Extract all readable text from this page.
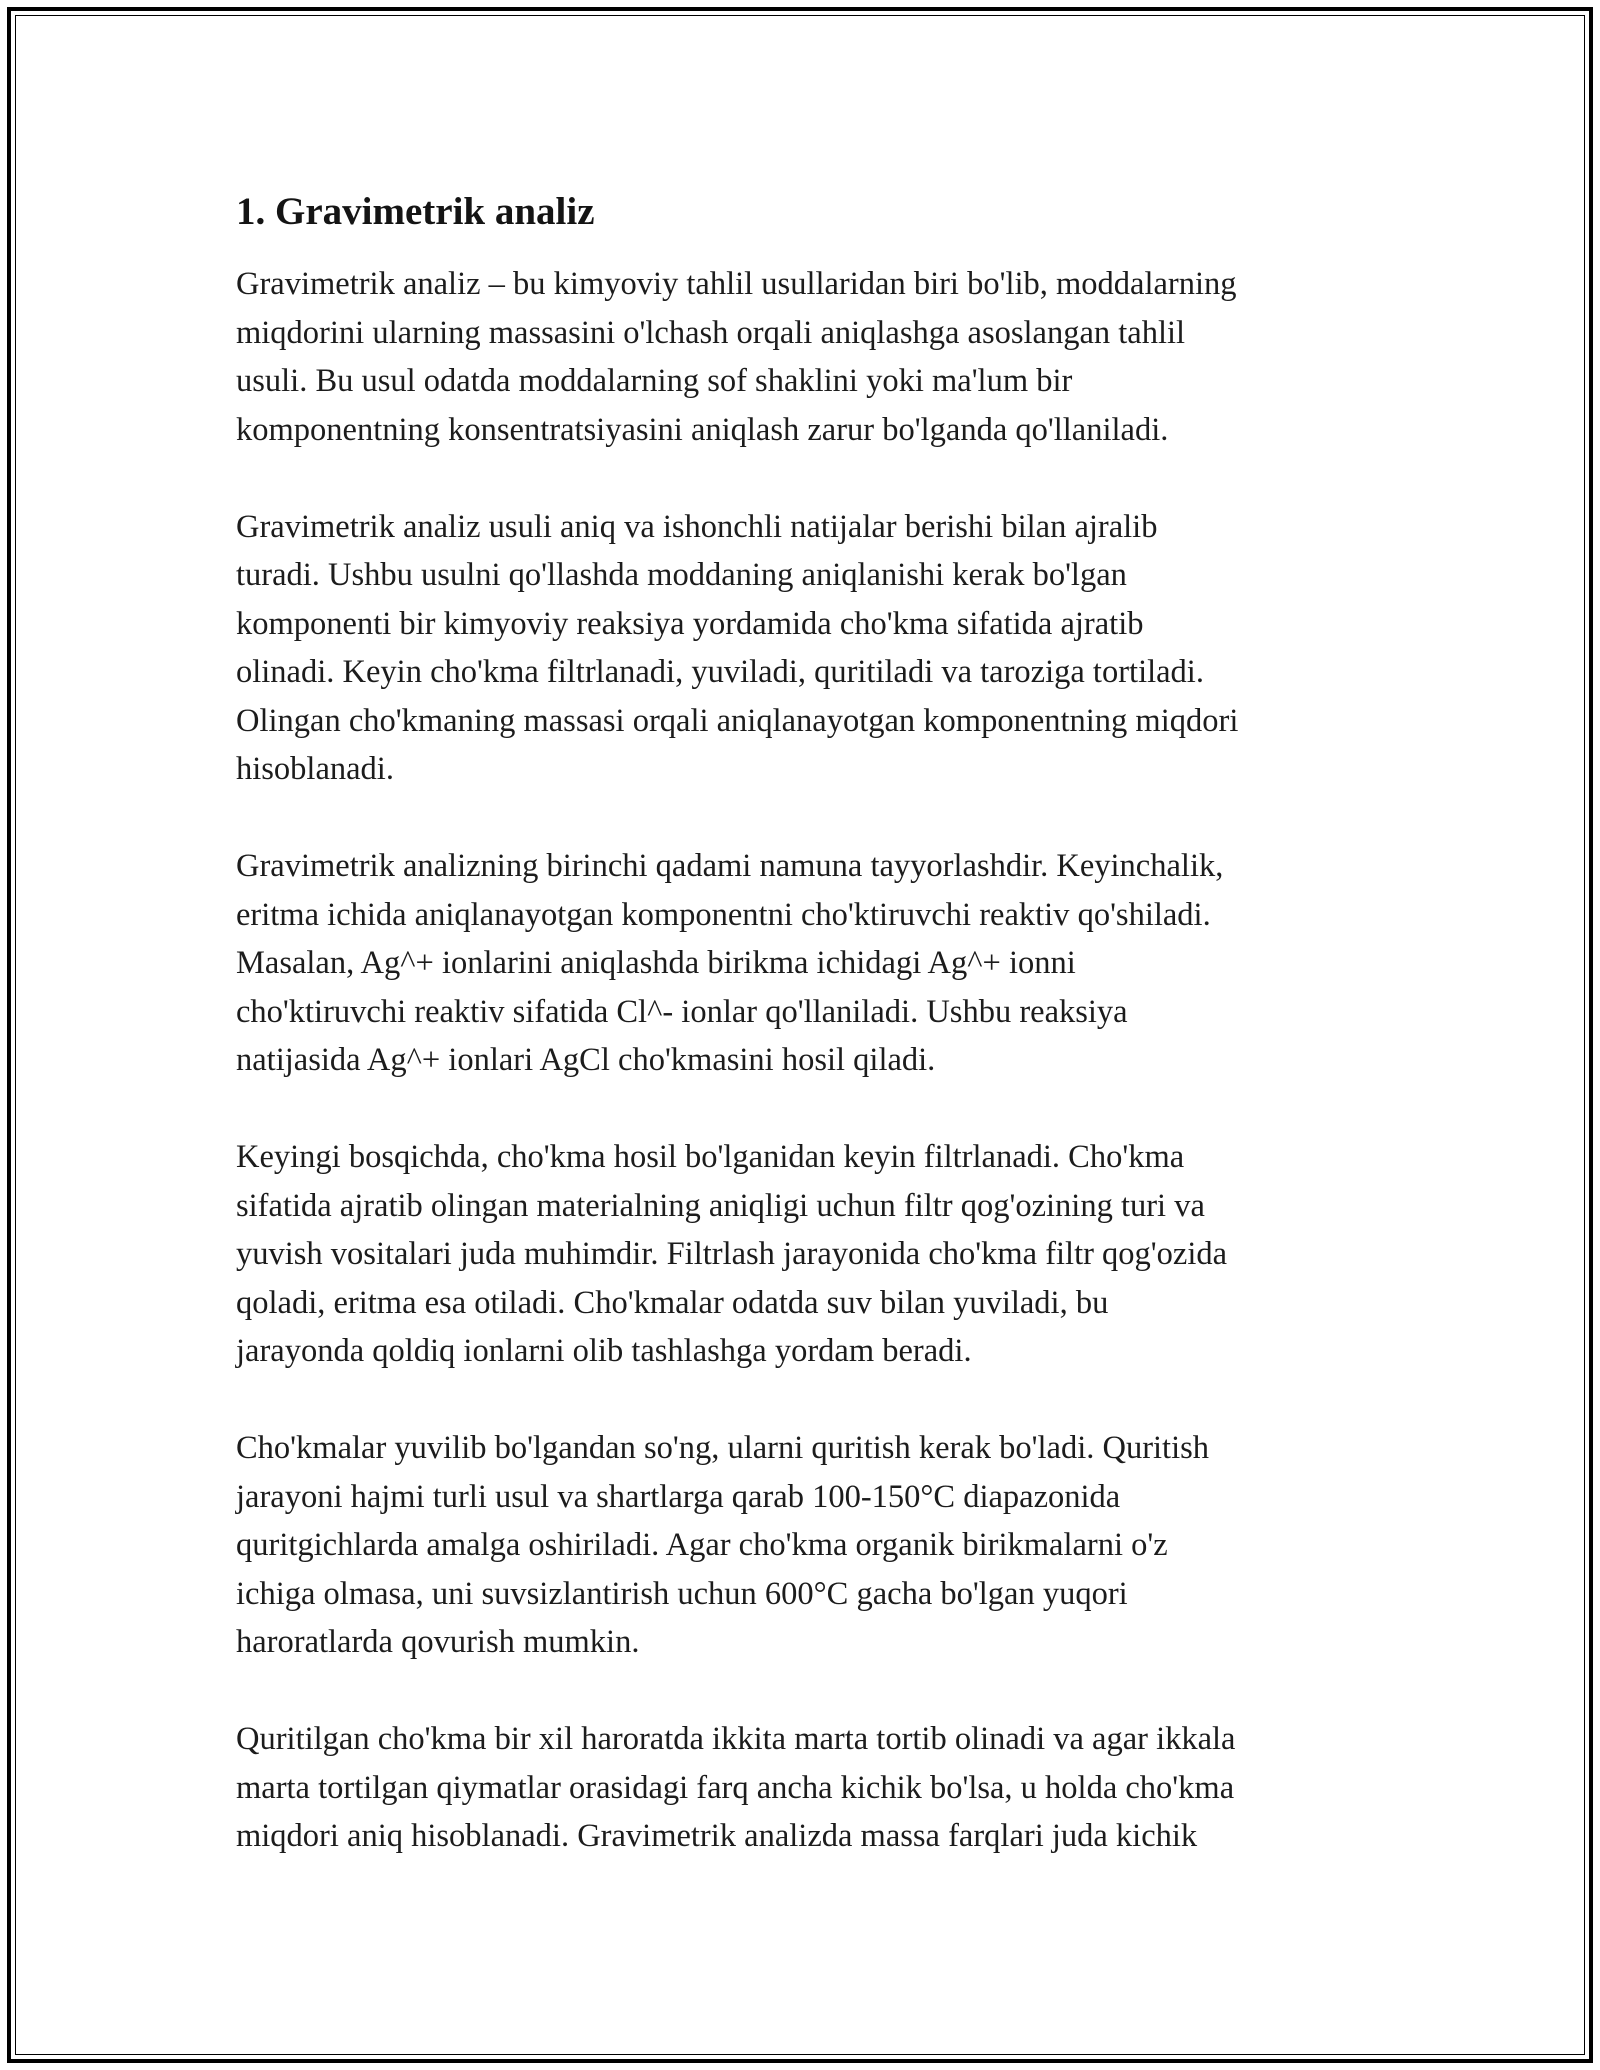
1. Gravimetrik analiz

Gravimetrik analiz – bu kimyoviy tahlil usullaridan biri bo'lib, moddalarning
miqdorini ularning massasini o'lchash orqali aniqlashga asoslangan tahlil
usuli. Bu usul odatda moddalarning sof shaklini yoki ma'lum bir
komponentning konsentratsiyasini aniqlash zarur bo'lganda qo'llaniladi.

Gravimetrik analiz usuli aniq va ishonchli natijalar berishi bilan ajralib
turadi. Ushbu usulni qo'llashda moddaning aniqlanishi kerak bo'lgan
komponenti bir kimyoviy reaksiya yordamida cho'kma sifatida ajratib
olinadi. Keyin cho'kma filtrlanadi, yuviladi, quritiladi va taroziga tortiladi.
Olingan cho'kmaning massasi orqali aniqlanayotgan komponentning miqdori
hisoblanadi.

Gravimetrik analizning birinchi qadami namuna tayyorlashdir. Keyinchalik,
eritma ichida aniqlanayotgan komponentni cho'ktiruvchi reaktiv qo'shiladi.
Masalan, Ag^+ ionlarini aniqlashda birikma ichidagi Ag^+ ionni
cho'ktiruvchi reaktiv sifatida Cl^- ionlar qo'llaniladi. Ushbu reaksiya
natijasida Ag^+ ionlari AgCl cho'kmasini hosil qiladi.

Keyingi bosqichda, cho'kma hosil bo'lganidan keyin filtrlanadi. Cho'kma
sifatida ajratib olingan materialning aniqligi uchun filtr qog'ozining turi va
yuvish vositalari juda muhimdir. Filtrlash jarayonida cho'kma filtr qog'ozida
qoladi, eritma esa otiladi. Cho'kmalar odatda suv bilan yuviladi, bu
jarayonda qoldiq ionlarni olib tashlashga yordam beradi.

Cho'kmalar yuvilib bo'lgandan so'ng, ularni quritish kerak bo'ladi. Quritish
jarayoni hajmi turli usul va shartlarga qarab 100-150°C diapazonida
quritgichlarda amalga oshiriladi. Agar cho'kma organik birikmalarni o'z
ichiga olmasa, uni suvsizlantirish uchun 600°C gacha bo'lgan yuqori
haroratlarda qovurish mumkin.

Quritilgan cho'kma bir xil haroratda ikkita marta tortib olinadi va agar ikkala
marta tortilgan qiymatlar orasidagi farq ancha kichik bo'lsa, u holda cho'kma
miqdori aniq hisoblanadi. Gravimetrik analizda massa farqlari juda kichik
